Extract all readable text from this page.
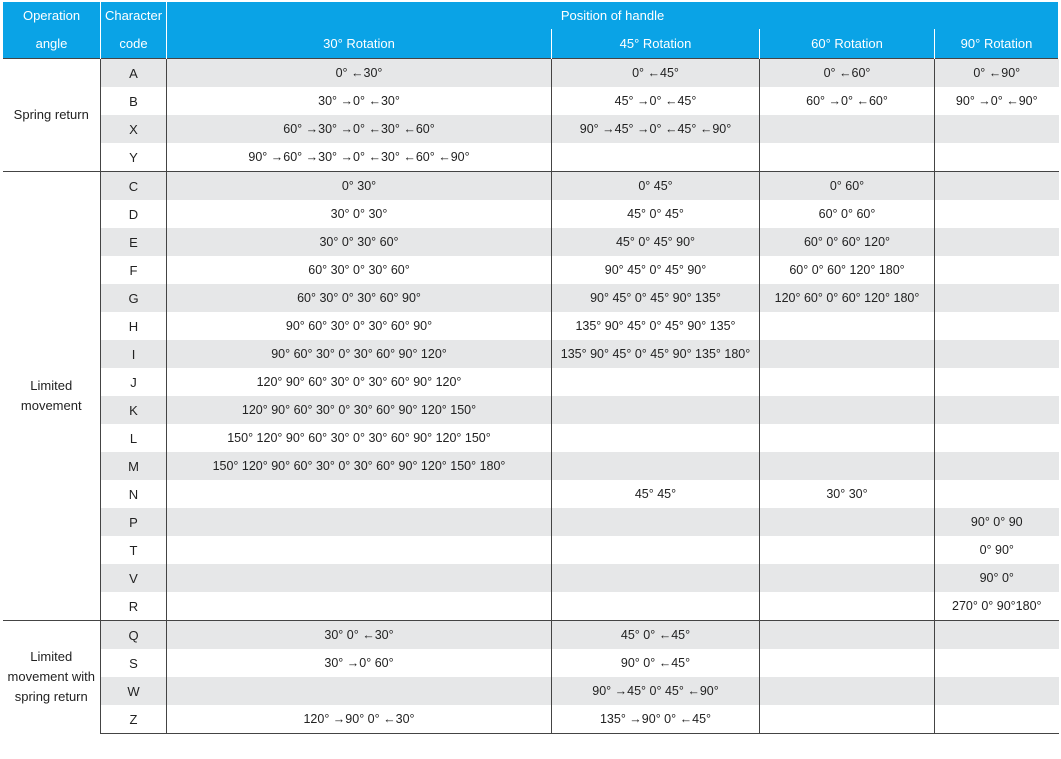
Operation
angle	Character
code	Position of handle			
		30° Rotation	45° Rotation	60° Rotation	90° Rotation
Spring return	A	0° ←30°	0° ←45°	0° ←60°	0° ←90°
	B	30° →0° ←30°	45° →0° ←45°	60° →0° ←60°	90° →0° ←90°
	X	60° →30° →0° ←30° ←60°	90° →45° →0° ←45° ←90°		
	Y	90° →60° →30° →0° ←30° ←60° ←90°			
Limited movement	C	0° 30°	0° 45°	0° 60°	
	D	30° 0° 30°	45° 0° 45°	60° 0° 60°	
	E	30° 0° 30° 60°	45° 0° 45° 90°	60° 0° 60° 120°	
	F	60° 30° 0° 30° 60°	90° 45° 0° 45° 90°	60° 0° 60° 120° 180°	
	G	60° 30° 0° 30° 60° 90°	90° 45° 0° 45° 90° 135°	120° 60° 0° 60° 120° 180°	
	H	90° 60° 30° 0° 30° 60° 90°	135° 90° 45° 0° 45° 90° 135°		
	I	90° 60° 30° 0° 30° 60° 90° 120°	135° 90° 45° 0° 45° 90° 135° 180°		
	J	120° 90° 60° 30° 0° 30° 60° 90° 120°			
	K	120° 90° 60° 30° 0° 30° 60° 90° 120° 150°			
	L	150° 120° 90° 60° 30° 0° 30° 60° 90° 120° 150°			
	M	150° 120° 90° 60° 30° 0° 30° 60° 90° 120° 150° 180°			
	N		45° 45°	30° 30°	
	P				90° 0° 90
	T				0° 90°
	V				90° 0°
	R				270° 0° 90°180°
Limited movement with spring return	Q	30° 0° ←30°	45° 0° ←45°		
	S	30° →0° 60°	90° 0° ←45°		
	W		90° →45° 0° 45° ←90°		
	Z	120° →90° 0° ←30°	135° →90° 0° ←45°		
